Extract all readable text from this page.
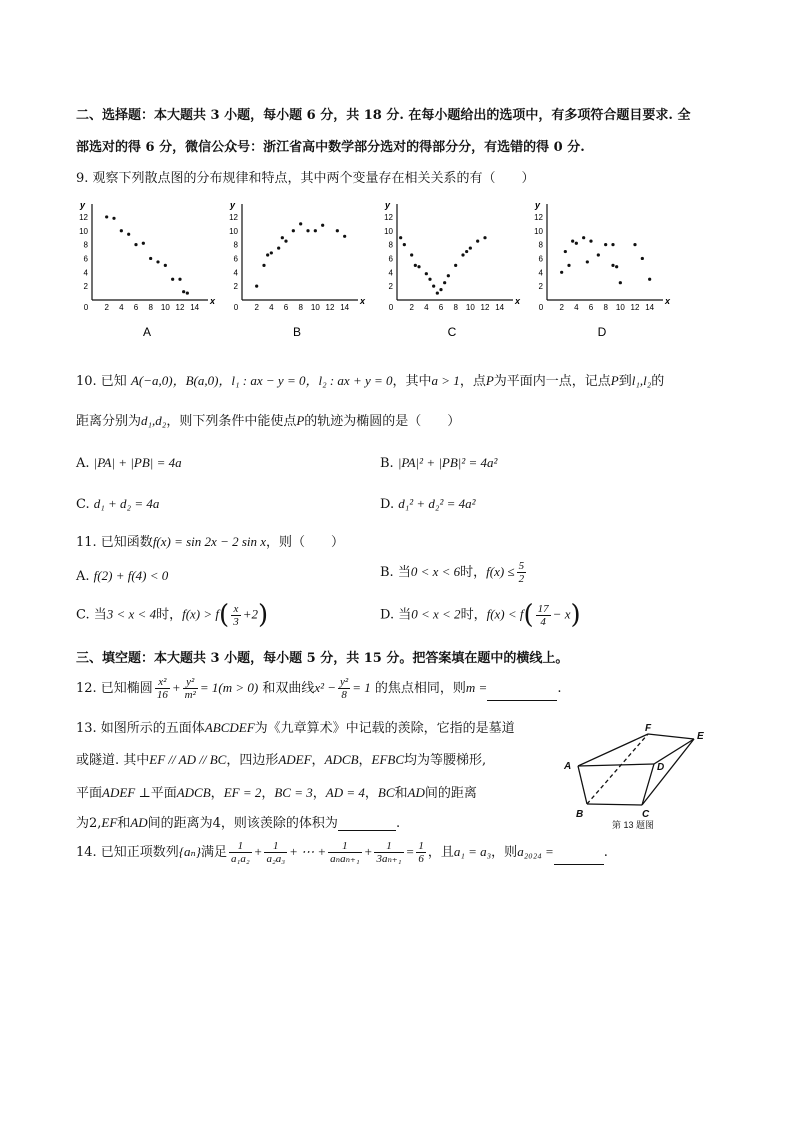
二、选择题：本大题共 3 小题，每小题 6 分，共 18 分. 在每小题给出的选项中，有多项符合题目要求. 全
部选对的得 6 分，微信公众号：浙江省高中数学部分选对的得部分分，有选错的得 0 分.
9. 观察下列散点图的分布规律和特点，其中两个变量存在相关关系的有（　　）
y
x
12
10
8
6
4
2
0 2 4 6 8 10 12 14
A
y
x
12
10
8
6
4
2
0 2 4 6 8 10 12 14
B
y
x
12
10
8
6
4
2
0 2 4 6 8 10 12 14
C
y
x
12
10
8
6
4
2
0 2 4 6 8 10 12 14
D
10. 已知 A(−a,0)，B(a,0)，l₁ : ax − y = 0，l₂ : ax + y = 0，其中a > 1，点P为平面内一点，记点P到l₁,l₂的
距离分别为d₁,d₂，则下列条件中能使点P的轨迹为椭圆的是（　　）
A. |PA| + |PB| = 4a	B. |PA|² + |PB|² = 4a²
C. d₁ + d₂ = 4a	D. d₁² + d₂² = 4a²
11. 已知函数f(x) = sin 2x − 2 sin x，则（　　）
A. f(2) + f(4) < 0	B. 当0 < x < 6时，$f(x) \le \frac{5}{2}$
C. 当3 < x < 4时，$f(x) > f( \frac{x}{3} +2)$	D. 当0 < x < 2时，$f(x) < f( \frac{17}{4} - x)$
三、填空题：本大题共 3 小题，每小题 5 分，共 15 分。把答案填在题中的横线上。
12. 已知椭圆 $\frac{\text{x²}}{16} + \frac{\text{y²}}{\text{m²}} = 1(m > 0)$ 和双曲线$x^2 - \frac{\text{y²}}{8} = 1$ 的焦点相同，则m =	.
13. 如图所示的五面体ABCDEF为《九章算术》中记载的羡除，它指的是墓道
或隧道. 其中EF // AD // BC，四边形ADEF，ADCB，EFBC均为等腰梯形,
平面ADEF ⊥平面ADCB，EF = 2，BC = 3，AD = 4，BC和AD间的距离
为2,EF和AD间的距离为4，则该羡除的体积为	.
A
B	C
D
E
F
第 13 题图
14. 已知正项数列{aₙ}满足 $\frac{1}{\text{a₁a₂}} + \frac{1}{\text{a₂a₃}}$ + ⋯ + $\frac{1}{\text{aₙaₙ₊₁}} + \frac{1}{\text{3aₙ₊₁}} = \frac{1}{6}$ ，且a₁ = a₃，则a₂₀₂₄ =	.
